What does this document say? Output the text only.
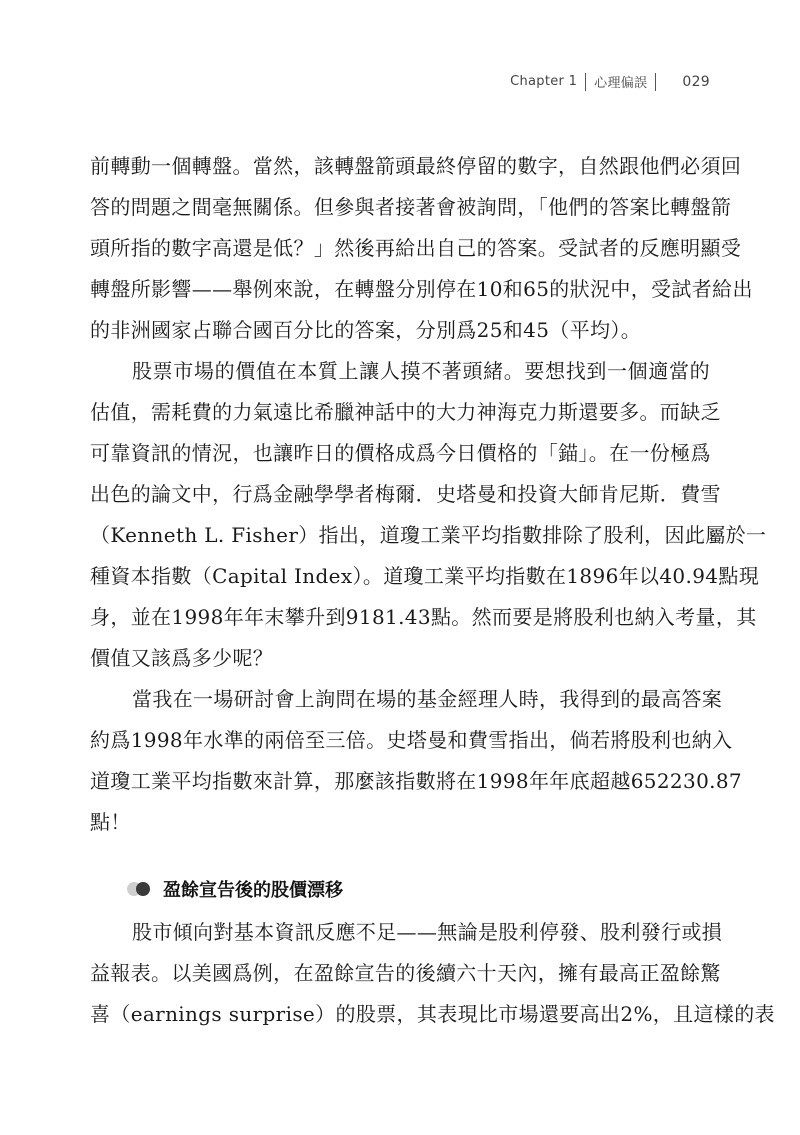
Chapter 1 心理偏誤	029
前轉動一個轉盤。當然，該轉盤箭頭最終停留的數字，自然跟他們必須回
答的問題之間毫無關係。但參與者接著會被詢問，「他們的答案比轉盤箭
頭所指的數字高還是低？」然後再給出自己的答案。受試者的反應明顯受
轉盤所影響——舉例來說，在轉盤分別停在10和65的狀況中，受試者給出
的非洲國家占聯合國百分比的答案，分別爲25和45（平均）。
股票市場的價值在本質上讓人摸不著頭緒。要想找到一個適當的
估值，需耗費的力氣遠比希臘神話中的大力神海克力斯還要多。而缺乏
可靠資訊的情況，也讓昨日的價格成爲今日價格的「錨」。在一份極爲
出色的論文中，行爲金融學學者梅爾．史塔曼和投資大師肯尼斯．費雪
（Kenneth L. Fisher）指出，道瓊工業平均指數排除了股利，因此屬於一
種資本指數（Capital Index）。道瓊工業平均指數在1896年以40.94點現
身，並在1998年年末攀升到9181.43點。然而要是將股利也納入考量，其
價值又該爲多少呢？
當我在一場研討會上詢問在場的基金經理人時，我得到的最高答案
約爲1998年水準的兩倍至三倍。史塔曼和費雪指出，倘若將股利也納入
道瓊工業平均指數來計算，那麼該指數將在1998年年底超越652230.87
點！
盈餘宣告後的股價漂移
股市傾向對基本資訊反應不足——無論是股利停發、股利發行或損
益報表。以美國爲例，在盈餘宣告的後續六十天內，擁有最高正盈餘驚
喜（earnings surprise）的股票，其表現比市場還要高出2%，且這樣的表
